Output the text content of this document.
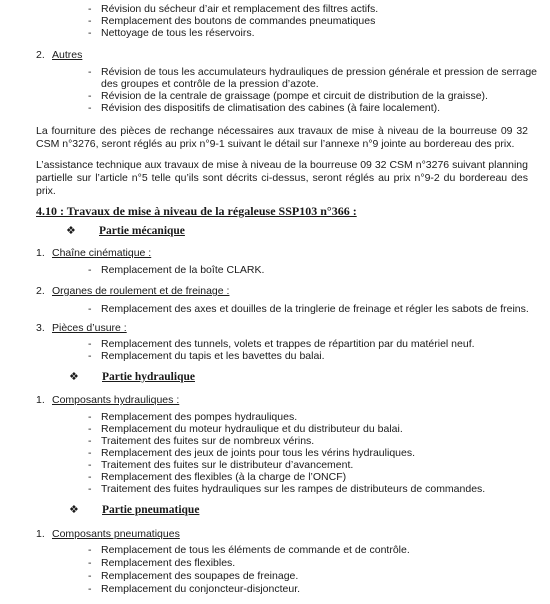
- Révision du sécheur d’air et remplacement des filtres actifs.
- Remplacement des boutons de commandes pneumatiques
- Nettoyage de tous les réservoirs.
2. Autres
- Révision de tous les accumulateurs hydrauliques de pression générale et pression de serrage
des groupes et contrôle de la pression d’azote.
- Révision de la centrale de graissage (pompe et circuit de distribution de la graisse).
- Révision des dispositifs de climatisation des cabines (à faire localement).
La fourniture des pièces de rechange nécessaires aux travaux de mise à niveau de la bourreuse 09 32 CSM n°3276, seront réglés au prix n°9-1 suivant le détail sur l’annexe n°9 jointe au bordereau des prix.
L’assistance technique aux travaux de mise à niveau de la bourreuse 09 32 CSM n°3276 suivant planning partielle sur l’article n°5 telle qu’ils sont décrits ci-dessus, seront réglés au prix n°9-2 du bordereau des prix.
4.10 : Travaux de mise à niveau de la régaleuse SSP103 n°366 :
❖ Partie mécanique
1. Chaîne cinématique :
- Remplacement de la boîte CLARK.
2. Organes de roulement et de freinage :
- Remplacement des axes et douilles de la tringlerie de freinage et régler les sabots de freins.
3. Pièces d’usure :
- Remplacement des tunnels, volets et trappes de répartition par du matériel neuf.
- Remplacement du tapis et les bavettes du balai.
❖ Partie hydraulique
1. Composants hydrauliques :
- Remplacement des pompes hydrauliques.
- Remplacement du moteur hydraulique et du distributeur du balai.
- Traitement des fuites sur de nombreux vérins.
- Remplacement des jeux de joints pour tous les vérins hydrauliques.
- Traitement des fuites sur le distributeur d’avancement.
- Remplacement des flexibles (à la charge de l’ONCF)
- Traitement des fuites hydrauliques sur les rampes de distributeurs de commandes.
❖ Partie pneumatique
1. Composants pneumatiques
- Remplacement de tous les éléments de commande et de contrôle.
- Remplacement des flexibles.
- Remplacement des soupapes de freinage.
- Remplacement du conjoncteur-disjoncteur.
